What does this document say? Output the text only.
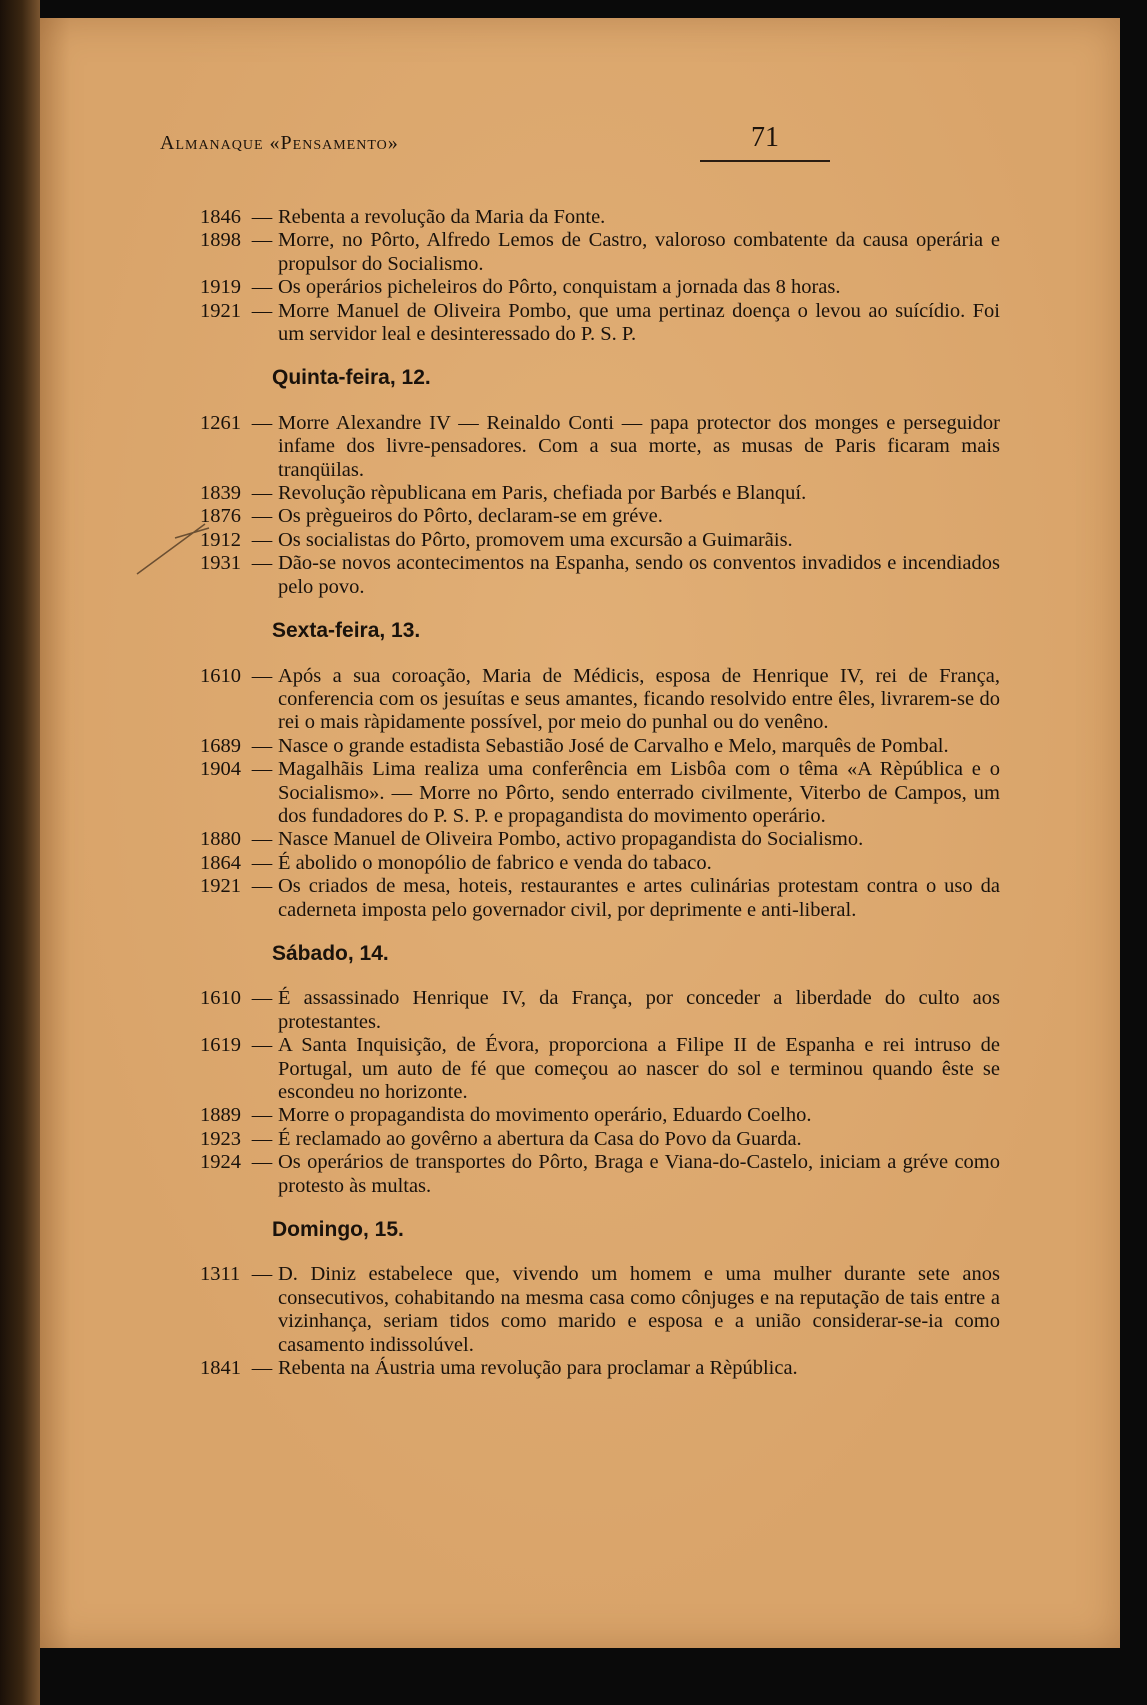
Almanaque «Pensamento»	71
1846 — Rebenta a revolução da Maria da Fonte.
1898 — Morre, no Pôrto, Alfredo Lemos de Castro, valoroso combatente da causa operária e propulsor do Socialismo.
1919 — Os operários picheleiros do Pôrto, conquistam a jornada das 8 horas.
1921 — Morre Manuel de Oliveira Pombo, que uma pertinaz doença o levou ao suícídio. Foi um servidor leal e desinteressado do P. S. P.
Quinta-feira, 12.
1261 — Morre Alexandre IV — Reinaldo Conti — papa protector dos monges e perseguidor infame dos livre-pensadores. Com a sua morte, as musas de Paris ficaram mais tranqüilas.
1839 — Revolução rèpublicana em Paris, chefiada por Barbés e Blanquí.
1876 — Os prègueiros do Pôrto, declaram-se em gréve.
1912 — Os socialistas do Pôrto, promovem uma excursão a Guimarãis.
1931 — Dão-se novos acontecimentos na Espanha, sendo os conventos invadidos e incendiados pelo povo.
Sexta-feira, 13.
1610 — Após a sua coroação, Maria de Médicis, esposa de Henrique IV, rei de França, conferencia com os jesuítas e seus amantes, ficando resolvido entre êles, livrarem-se do rei o mais ràpidamente possível, por meio do punhal ou do venêno.
1689 — Nasce o grande estadista Sebastião José de Carvalho e Melo, marquês de Pombal.
1904 — Magalhãis Lima realiza uma conferência em Lisbôa com o têma «A Rèpública e o Socialismo». — Morre no Pôrto, sendo enterrado civilmente, Viterbo de Campos, um dos fundadores do P. S. P. e propagandista do movimento operário.
1880 — Nasce Manuel de Oliveira Pombo, activo propagandista do Socialismo.
1864 — É abolido o monopólio de fabrico e venda do tabaco.
1921 — Os criados de mesa, hoteis, restaurantes e artes culinárias protestam contra o uso da caderneta imposta pelo governador civil, por deprimente e anti-liberal.
Sábado, 14.
1610 — É assassinado Henrique IV, da França, por conceder a liberdade do culto aos protestantes.
1619 — A Santa Inquisição, de Évora, proporciona a Filipe II de Espanha e rei intruso de Portugal, um auto de fé que começou ao nascer do sol e terminou quando êste se escondeu no horizonte.
1889 — Morre o propagandista do movimento operário, Eduardo Coelho.
1923 — É reclamado ao govêrno a abertura da Casa do Povo da Guarda.
1924 — Os operários de transportes do Pôrto, Braga e Viana-do-Castelo, iniciam a gréve como protesto às multas.
Domingo, 15.
1311 — D. Diniz estabelece que, vivendo um homem e uma mulher durante sete anos consecutivos, cohabitando na mesma casa como cônjuges e na reputação de tais entre a vizinhança, seriam tidos como marido e esposa e a união considerar-se-ia como casamento indissolúvel.
1841 — Rebenta na Áustria uma revolução para proclamar a Rèpública.
